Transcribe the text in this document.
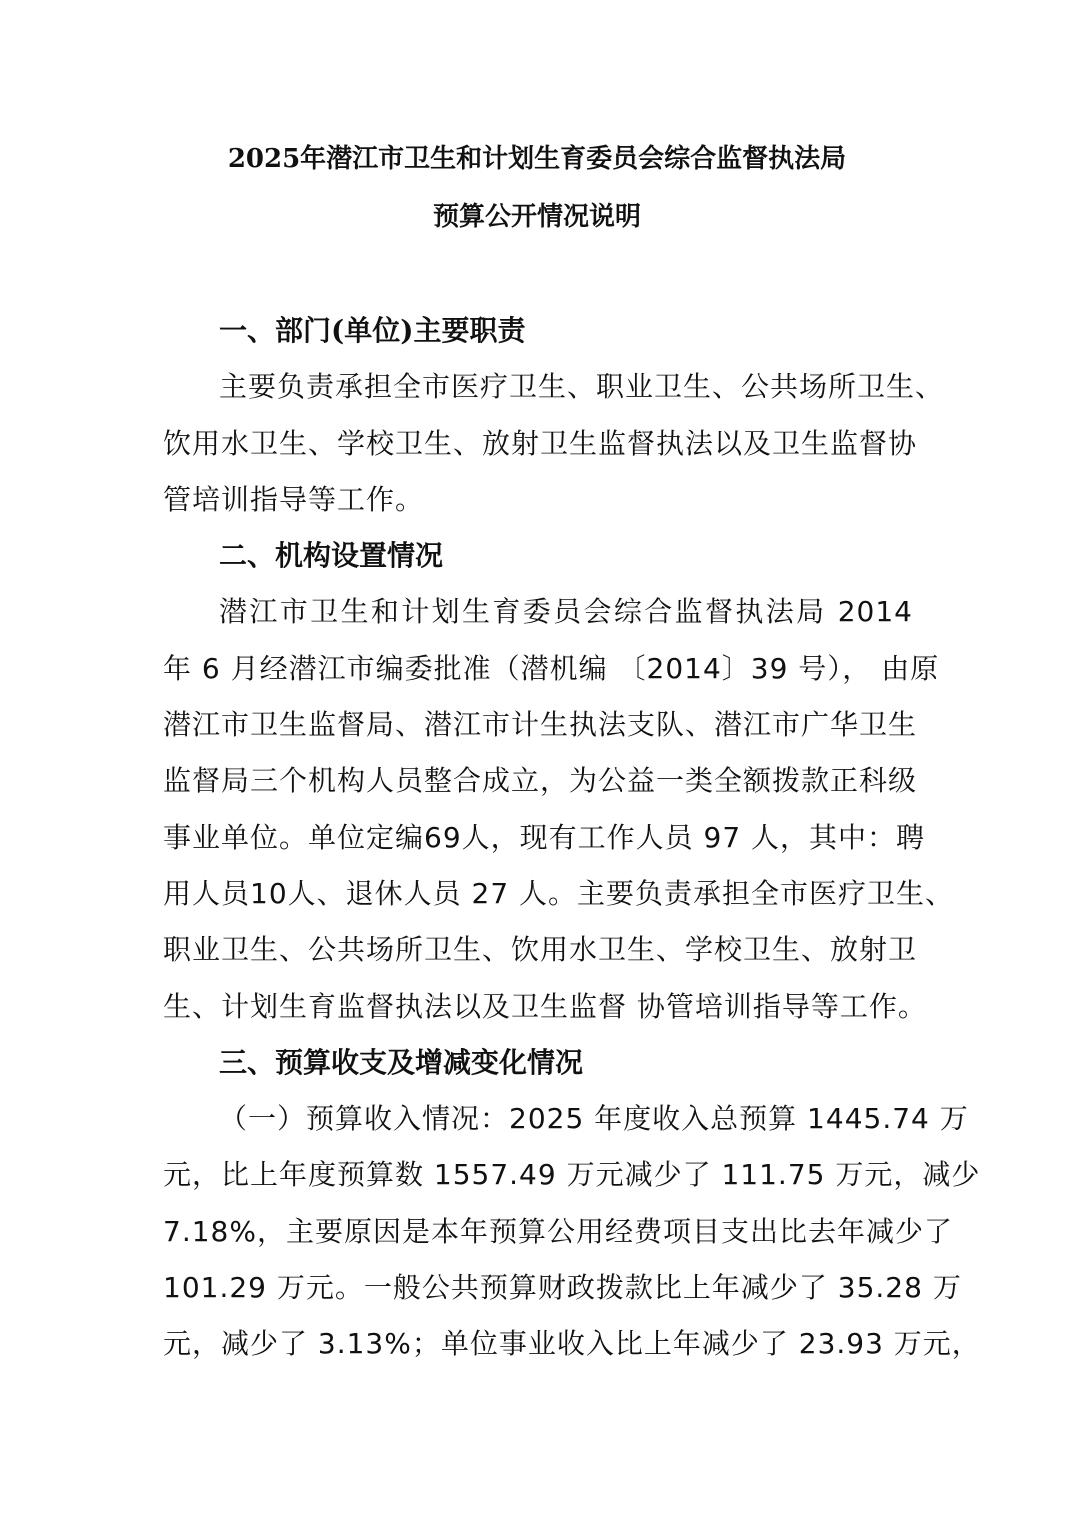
2025年潜江市卫生和计划生育委员会综合监督执法局
预算公开情况说明

一、部门(单位)主要职责

主要负责承担全市医疗卫生、职业卫生、公共场所卫生、
饮用水卫生、学校卫生、放射卫生监督执法以及卫生监督协
管培训指导等工作。

二、机构设置情况

潜江市卫生和计划生育委员会综合监督执法局 2014
年 6 月经潜江市编委批准（潜机编 〔2014〕39 号）， 由原
潜江市卫生监督局、潜江市计生执法支队、潜江市广华卫生
监督局三个机构人员整合成立，为公益一类全额拨款正科级
事业单位。单位定编69人，现有工作人员 97 人，其中：聘
用人员10人、退休人员 27 人。主要负责承担全市医疗卫生、
职业卫生、公共场所卫生、饮用水卫生、学校卫生、放射卫
生、计划生育监督执法以及卫生监督 协管培训指导等工作。

三、预算收支及增减变化情况

（一）预算收入情况：2025 年度收入总预算 1445.74 万
元，比上年度预算数 1557.49 万元减少了 111.75 万元，减少
7.18%，主要原因是本年预算公用经费项目支出比去年减少了
101.29 万元。一般公共预算财政拨款比上年减少了 35.28 万
元，减少了 3.13%；单位事业收入比上年减少了 23.93 万元，
